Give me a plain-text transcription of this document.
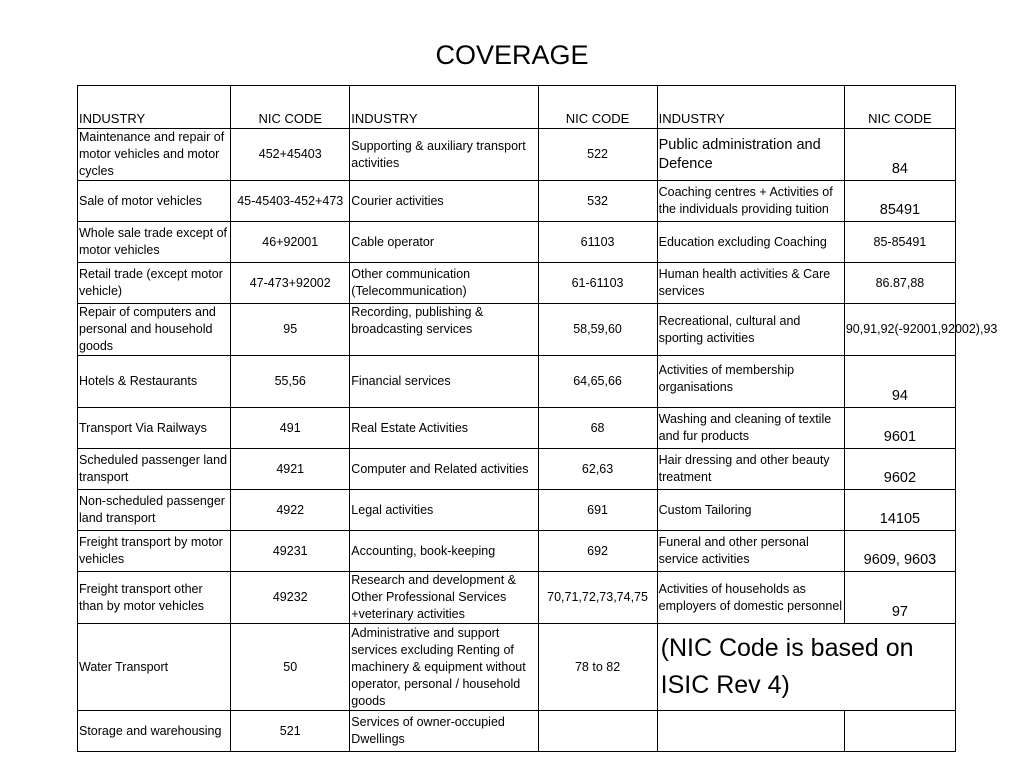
COVERAGE
INDUSTRY	NIC CODE	INDUSTRY	NIC CODE	INDUSTRY	NIC CODE
Maintenance and repair of motor vehicles and motor cycles	452+45403	Supporting & auxiliary transport activities	522	Public administration and Defence	84
Sale of motor vehicles	45-45403-452+473	Courier activities	532	Coaching centres + Activities of the individuals providing tuition	85491
Whole sale trade except of motor vehicles	46+92001	Cable operator	61103	Education excluding Coaching	85-85491
Retail trade (except motor vehicle)	47-473+92002	Other communication (Telecommunication)	61-61103	Human health activities & Care services	86.87,88
Repair of computers and personal and household goods	95	Recording, publishing & broadcasting services	58,59,60	Recreational, cultural and sporting activities	90,91,92(-92001,92002),93
Hotels & Restaurants	55,56	Financial services	64,65,66	Activities of membership organisations	94
Transport Via Railways	491	Real Estate Activities	68	Washing and cleaning of textile and fur products	9601
Scheduled passenger land transport	4921	Computer and Related activities	62,63	Hair dressing and other beauty treatment	9602
Non-scheduled passenger land transport	4922	Legal activities	691	Custom Tailoring	14105
Freight transport by motor vehicles	49231	Accounting, book-keeping	692	Funeral and other personal service activities	9609, 9603
Freight transport other than by motor vehicles	49232	Research and development & Other Professional Services +veterinary activities	70,71,72,73,74,75	Activities of households as employers of domestic personnel	97
Water Transport	50	Administrative and support services excluding Renting of machinery & equipment without operator, personal / household goods	78 to 82	(NIC Code is based on ISIC Rev 4)	
Storage and warehousing	521	Services of owner-occupied Dwellings			
